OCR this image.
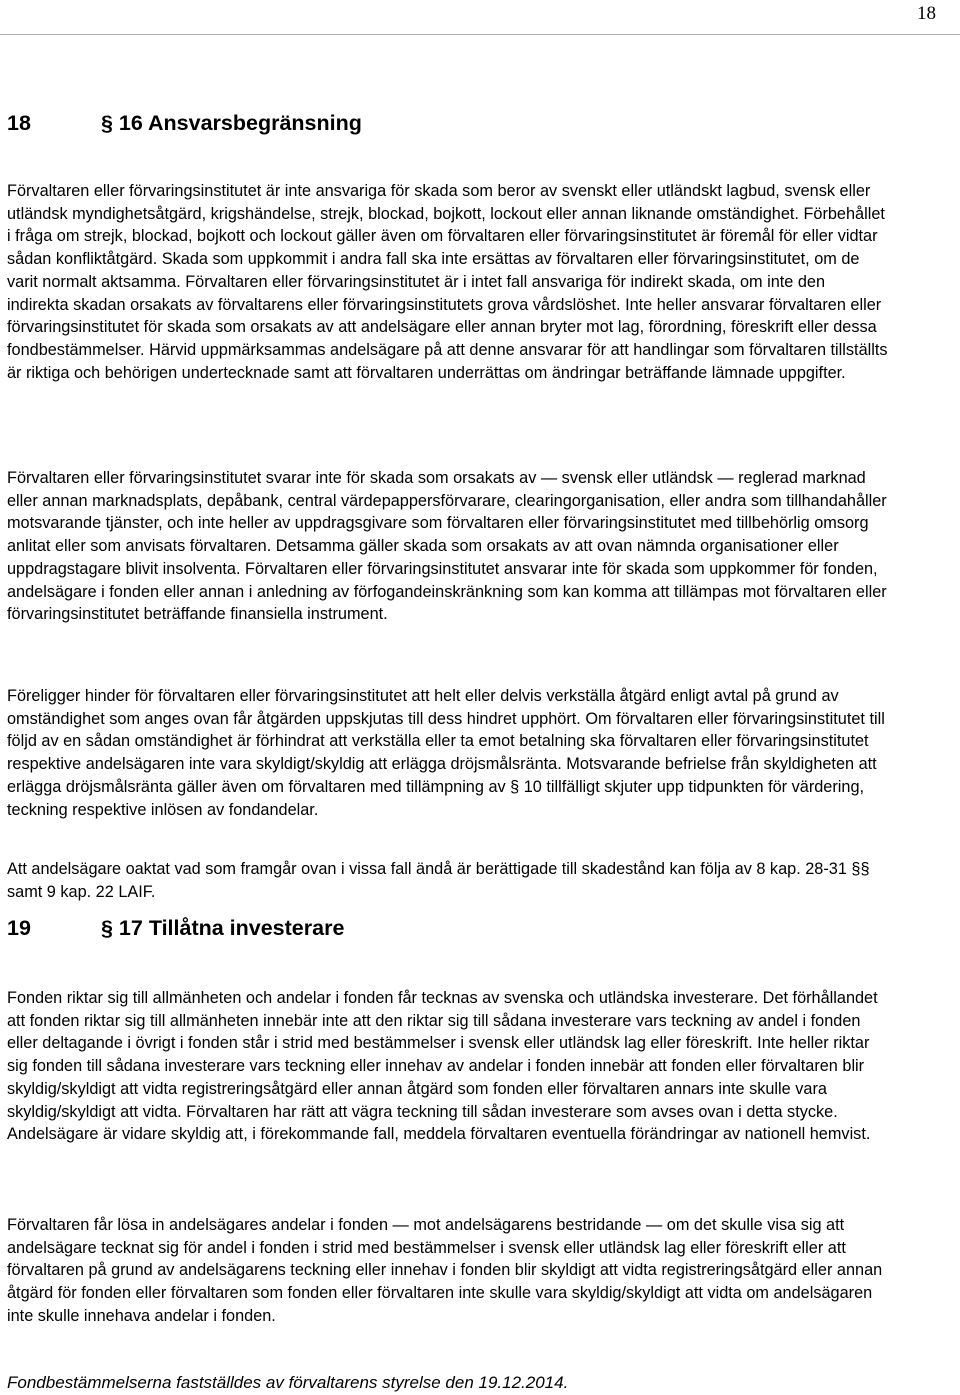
18
18	§ 16 Ansvarsbegränsning

Förvaltaren eller förvaringsinstitutet är inte ansvariga för skada som beror av svenskt eller utländskt lagbud, svensk eller utländsk myndighetsåtgärd, krigshändelse, strejk, blockad, bojkott, lockout eller annan liknande omständighet. Förbehållet i fråga om strejk, blockad, bojkott och lockout gäller även om förvaltaren eller förvaringsinstitutet är föremål för eller vidtar sådan konfliktåtgärd. Skada som uppkommit i andra fall ska inte ersättas av förvaltaren eller förvaringsinstitutet, om de varit normalt aktsamma. Förvaltaren eller förvaringsinstitutet är i intet fall ansvariga för indirekt skada, om inte den indirekta skadan orsakats av förvaltarens eller förvaringsinstitutets grova vårdslöshet. Inte heller ansvarar förvaltaren eller förvaringsinstitutet för skada som orsakats av att andelsägare eller annan bryter mot lag, förordning, föreskrift eller dessa fondbestämmelser. Härvid uppmärksammas andelsägare på att denne ansvarar för att handlingar som förvaltaren tillställts är riktiga och behörigen undertecknade samt att förvaltaren underrättas om ändringar beträffande lämnade uppgifter.

Förvaltaren eller förvaringsinstitutet svarar inte för skada som orsakats av — svensk eller utländsk — reglerad marknad eller annan marknadsplats, depåbank, central värdepappersförvarare, clearingorganisation, eller andra som tillhandahåller motsvarande tjänster, och inte heller av uppdragsgivare som förvaltaren eller förvaringsinstitutet med tillbehörlig omsorg anlitat eller som anvisats förvaltaren. Detsamma gäller skada som orsakats av att ovan nämnda organisationer eller uppdragstagare blivit insolventa. Förvaltaren eller förvaringsinstitutet ansvarar inte för skada som uppkommer för fonden, andelsägare i fonden eller annan i anledning av förfogandeinskränkning som kan komma att tillämpas mot förvaltaren eller förvaringsinstitutet beträffande finansiella instrument.

Föreligger hinder för förvaltaren eller förvaringsinstitutet att helt eller delvis verkställa åtgärd enligt avtal på grund av omständighet som anges ovan får åtgärden uppskjutas till dess hindret upphört. Om förvaltaren eller förvaringsinstitutet till följd av en sådan omständighet är förhindrat att verkställa eller ta emot betalning ska förvaltaren eller förvaringsinstitutet respektive andelsägaren inte vara skyldigt/skyldig att erlägga dröjsmålsränta. Motsvarande befrielse från skyldigheten att erlägga dröjsmålsränta gäller även om förvaltaren med tillämpning av § 10 tillfälligt skjuter upp tidpunkten för värdering, teckning respektive inlösen av fondandelar.

Att andelsägare oaktat vad som framgår ovan i vissa fall ändå är berättigade till skadestånd kan följa av 8 kap. 28-31 §§ samt 9 kap. 22 LAIF.

19	§ 17 Tillåtna investerare

Fonden riktar sig till allmänheten och andelar i fonden får tecknas av svenska och utländska investerare. Det förhållandet att fonden riktar sig till allmänheten innebär inte att den riktar sig till sådana investerare vars teckning av andel i fonden eller deltagande i övrigt i fonden står i strid med bestämmelser i svensk eller utländsk lag eller föreskrift. Inte heller riktar sig fonden till sådana investerare vars teckning eller innehav av andelar i fonden innebär att fonden eller förvaltaren blir skyldig/skyldigt att vidta registreringsåtgärd eller annan åtgärd som fonden eller förvaltaren annars inte skulle vara skyldig/skyldigt att vidta. Förvaltaren har rätt att vägra teckning till sådan investerare som avses ovan i detta stycke. Andelsägare är vidare skyldig att, i förekommande fall, meddela förvaltaren eventuella förändringar av nationell hemvist.

Förvaltaren får lösa in andelsägares andelar i fonden — mot andelsägarens bestridande — om det skulle visa sig att andelsägare tecknat sig för andel i fonden i strid med bestämmelser i svensk eller utländsk lag eller föreskrift eller att förvaltaren på grund av andelsägarens teckning eller innehav i fonden blir skyldigt att vidta registreringsåtgärd eller annan åtgärd för fonden eller förvaltaren som fonden eller förvaltaren inte skulle vara skyldig/skyldigt att vidta om andelsägaren inte skulle innehava andelar i fonden.

Fondbestämmelserna fastställdes av förvaltarens styrelse den 19.12.2014.
